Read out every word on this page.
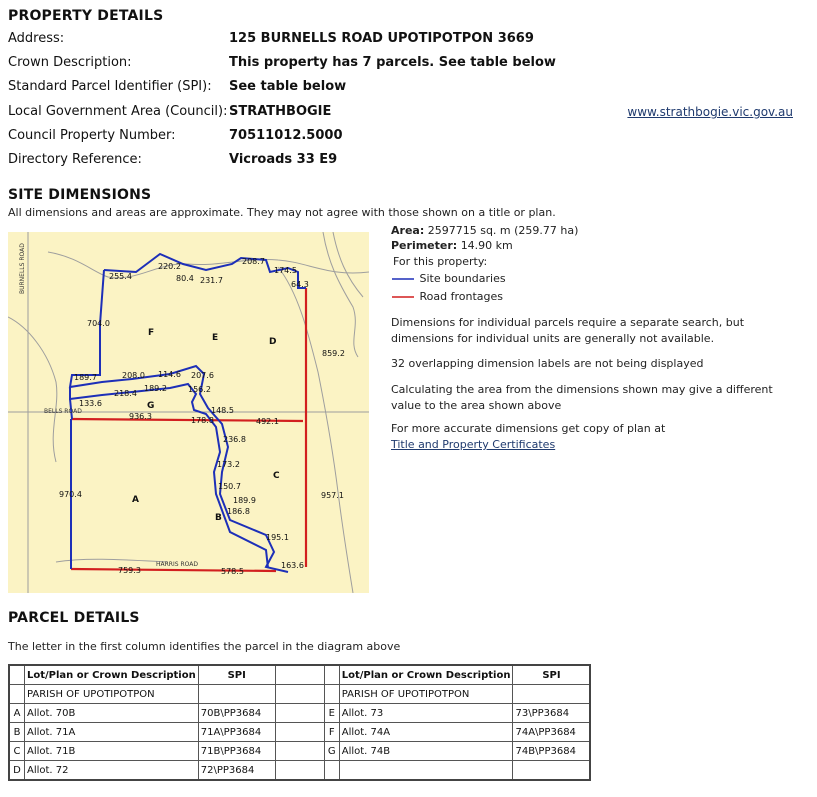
PROPERTY DETAILS
Address:	125 BURNELLS ROAD UPOTIPOTPON 3669
Crown Description:	This property has 7 parcels. See table below
Standard Parcel Identifier (SPI):	See table below
Local Government Area (Council): STRATHBOGIE	www.strathbogie.vic.gov.au
Council Property Number:	70511012.5000
Directory Reference:	Vicroads 33 E9
SITE DIMENSIONS
All dimensions and areas are approximate. They may not agree with those shown on a title or plan.
BURNELLS ROAD
BELLS ROAD
HARRIS ROAD
A
B
C
D
E
F
G
255.4
220.2
80.4 231.7
208.7
174.5
64.3
704.0
859.2
189.7	208.0 114.6 207.6
218.4
189.2	156.2
133.6
936.3	178.8
148.5
492.1
236.8
173.2
150.7
189.9
186.8
970.4	957.1
195.1
759.3	578.5
163.6
Area: 2597715 sq. m (259.77 ha)
Perimeter: 14.90 km
For this property:
Site boundaries
Road frontages
Dimensions for individual parcels require a separate search, but dimensions for individual units are generally not available.
32 overlapping dimension labels are not being displayed
Calculating the area from the dimensions shown may give a different value to the area shown above
For more accurate dimensions get copy of plan at
Title and Property Certificates
PARCEL DETAILS
The letter in the first column identifies the parcel in the diagram above
	Lot/Plan or Crown Description	SPI			Lot/Plan or Crown Description	SPI
	PARISH OF UPOTIPOTPON				PARISH OF UPOTIPOTPON	
A	Allot. 70B	70B\PP3684		E	Allot. 73	73\PP3684
B	Allot. 71A	71A\PP3684		F	Allot. 74A	74A\PP3684
C	Allot. 71B	71B\PP3684		G	Allot. 74B	74B\PP3684
D	Allot. 72	72\PP3684				
